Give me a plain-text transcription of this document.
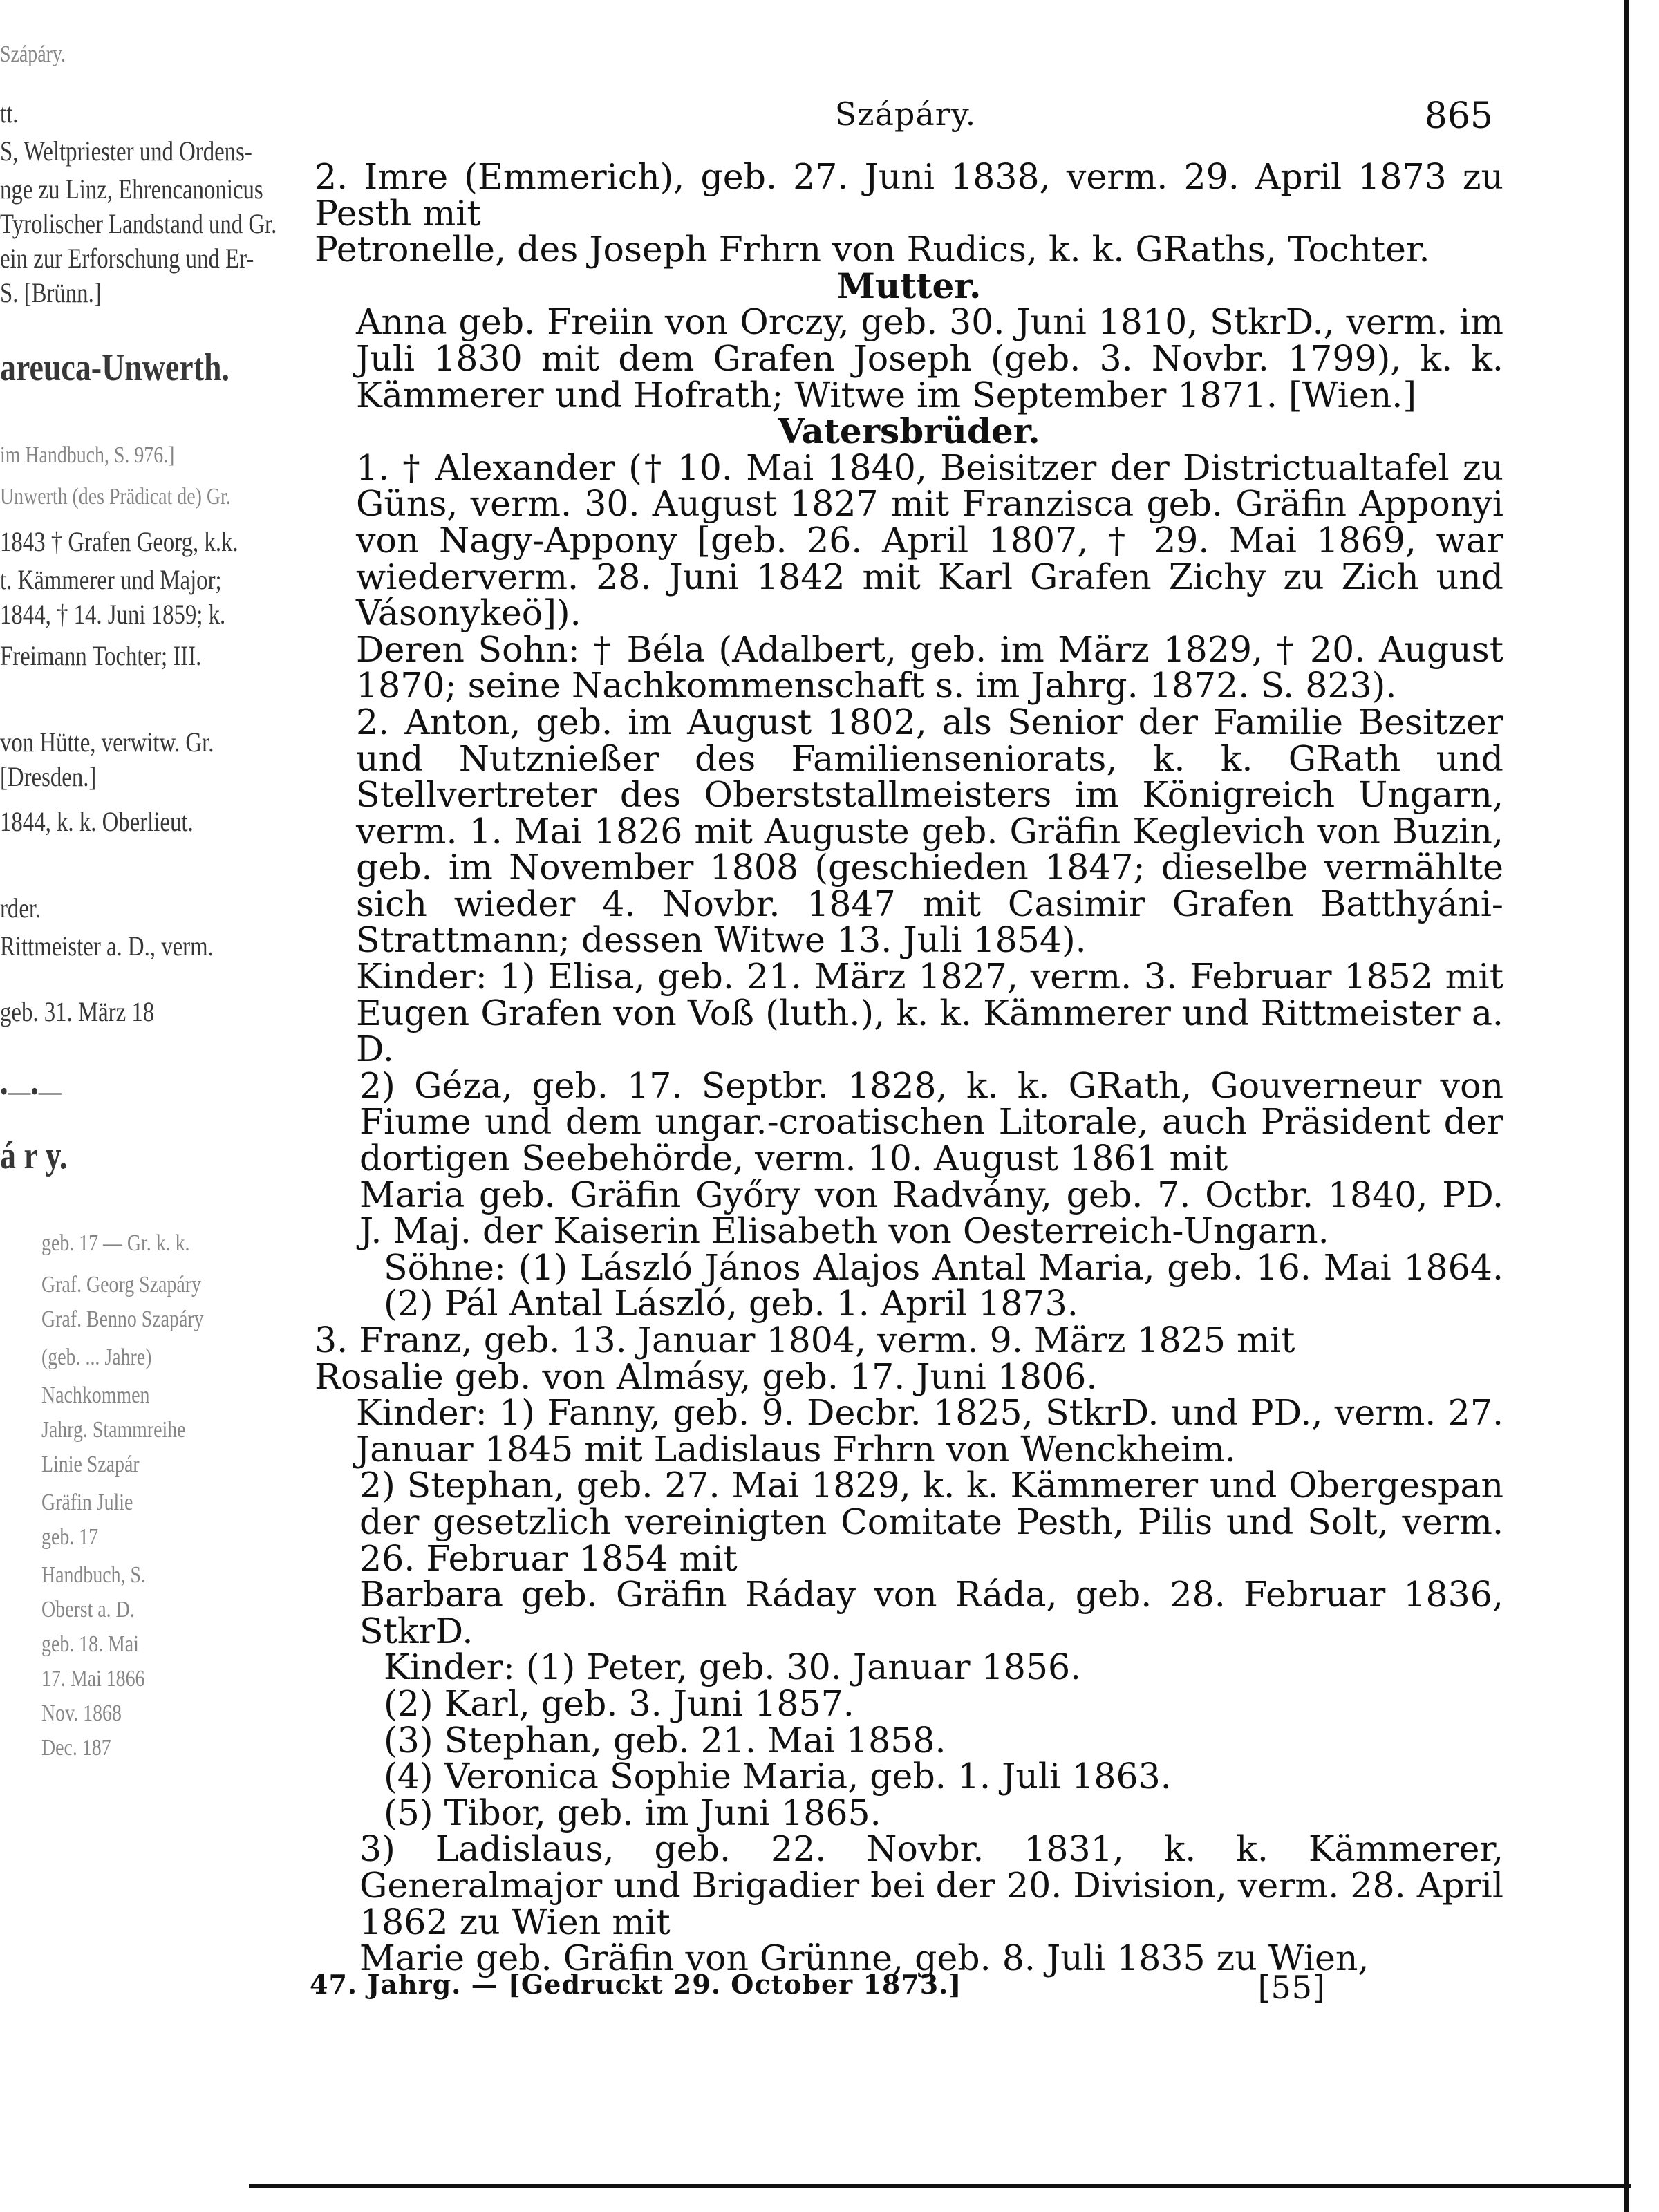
Szápáry.
tt.
S, Weltpriester und Ordens-
nge zu Linz, Ehrencanonicus
Tyrolischer Landstand und Gr.
ein zur Erforschung und Er-
S. [Brünn.]
areuca-Unwerth.
im Handbuch, S. 976.]
Unwerth (des Prädicat de) Gr.
1843 † Grafen Georg, k.k.
t. Kämmerer und Major;
1844, † 14. Juni 1859; k.
Freimann Tochter; III.
von Hütte, verwitw. Gr.
[Dresden.]
1844, k. k. Oberlieut.
rder.
Rittmeister a. D., verm.
geb. 31. März 18
•—•—
á r y.
geb. 17 — Gr. k. k.
Graf. Georg Szapáry
Graf. Benno Szapáry
(geb. ... Jahre)
Nachkommen
Jahrg. Stammreihe
Linie Szapár
Gräfin Julie
geb. 17
Handbuch, S.
Oberst a. D.
geb. 18. Mai
17. Mai 1866
Nov. 1868
Dec. 187
Szápáry.	865

2. Imre (Emmerich), geb. 27. Juni 1838, verm. 29. April 1873 zu Pesth mit

Petronelle, des Joseph Frhrn von Rudics, k. k. GRaths, Tochter.

Mutter.

Anna geb. Freiin von Orczy, geb. 30. Juni 1810, StkrD., verm. im Juli 1830 mit dem Grafen Joseph (geb. 3. Novbr. 1799), k. k. Kämmerer und Hofrath; Witwe im September 1871. [Wien.]

Vatersbrüder.

1. † Alexander († 10. Mai 1840, Beisitzer der Districtualtafel zu Güns, verm. 30. August 1827 mit Franzisca geb. Gräfin Apponyi von Nagy-Appony [geb. 26. April 1807, † 29. Mai 1869, war wiederverm. 28. Juni 1842 mit Karl Grafen Zichy zu Zich und Vásonykeö]).

Deren Sohn: † Béla (Adalbert, geb. im März 1829, † 20. August 1870; seine Nachkommenschaft s. im Jahrg. 1872. S. 823).

2. Anton, geb. im August 1802, als Senior der Familie Besitzer und Nutznießer des Familienseniorats, k. k. GRath und Stellvertreter des Oberststallmeisters im Königreich Ungarn, verm. 1. Mai 1826 mit Auguste geb. Gräfin Keglevich von Buzin, geb. im November 1808 (geschieden 1847; dieselbe vermählte sich wieder 4. Novbr. 1847 mit Casimir Grafen Batthyáni-Strattmann; dessen Witwe 13. Juli 1854).

Kinder: 1) Elisa, geb. 21. März 1827, verm. 3. Februar 1852 mit Eugen Grafen von Voß (luth.), k. k. Kämmerer und Rittmeister a. D.

2) Géza, geb. 17. Septbr. 1828, k. k. GRath, Gouverneur von Fiume und dem ungar.-croatischen Litorale, auch Präsident der dortigen Seebehörde, verm. 10. August 1861 mit

Maria geb. Gräfin Győry von Radvány, geb. 7. Octbr. 1840, PD. J. Maj. der Kaiserin Elisabeth von Oesterreich-Ungarn.

Söhne: (1) László János Alajos Antal Maria, geb. 16. Mai 1864. (2) Pál Antal László, geb. 1. April 1873.

3. Franz, geb. 13. Januar 1804, verm. 9. März 1825 mit

Rosalie geb. von Almásy, geb. 17. Juni 1806.

Kinder: 1) Fanny, geb. 9. Decbr. 1825, StkrD. und PD., verm. 27. Januar 1845 mit Ladislaus Frhrn von Wenckheim.

2) Stephan, geb. 27. Mai 1829, k. k. Kämmerer und Obergespan der gesetzlich vereinigten Comitate Pesth, Pilis und Solt, verm. 26. Februar 1854 mit

Barbara geb. Gräfin Ráday von Ráda, geb. 28. Februar 1836, StkrD.

Kinder: (1) Peter, geb. 30. Januar 1856.

(2) Karl, geb. 3. Juni 1857.

(3) Stephan, geb. 21. Mai 1858.

(4) Veronica Sophie Maria, geb. 1. Juli 1863.

(5) Tibor, geb. im Juni 1865.

3) Ladislaus, geb. 22. Novbr. 1831, k. k. Kämmerer, Generalmajor und Brigadier bei der 20. Division, verm. 28. April 1862 zu Wien mit

Marie geb. Gräfin von Grünne, geb. 8. Juli 1835 zu Wien,

47. Jahrg. — [Gedruckt 29. October 1873.]	[55]
